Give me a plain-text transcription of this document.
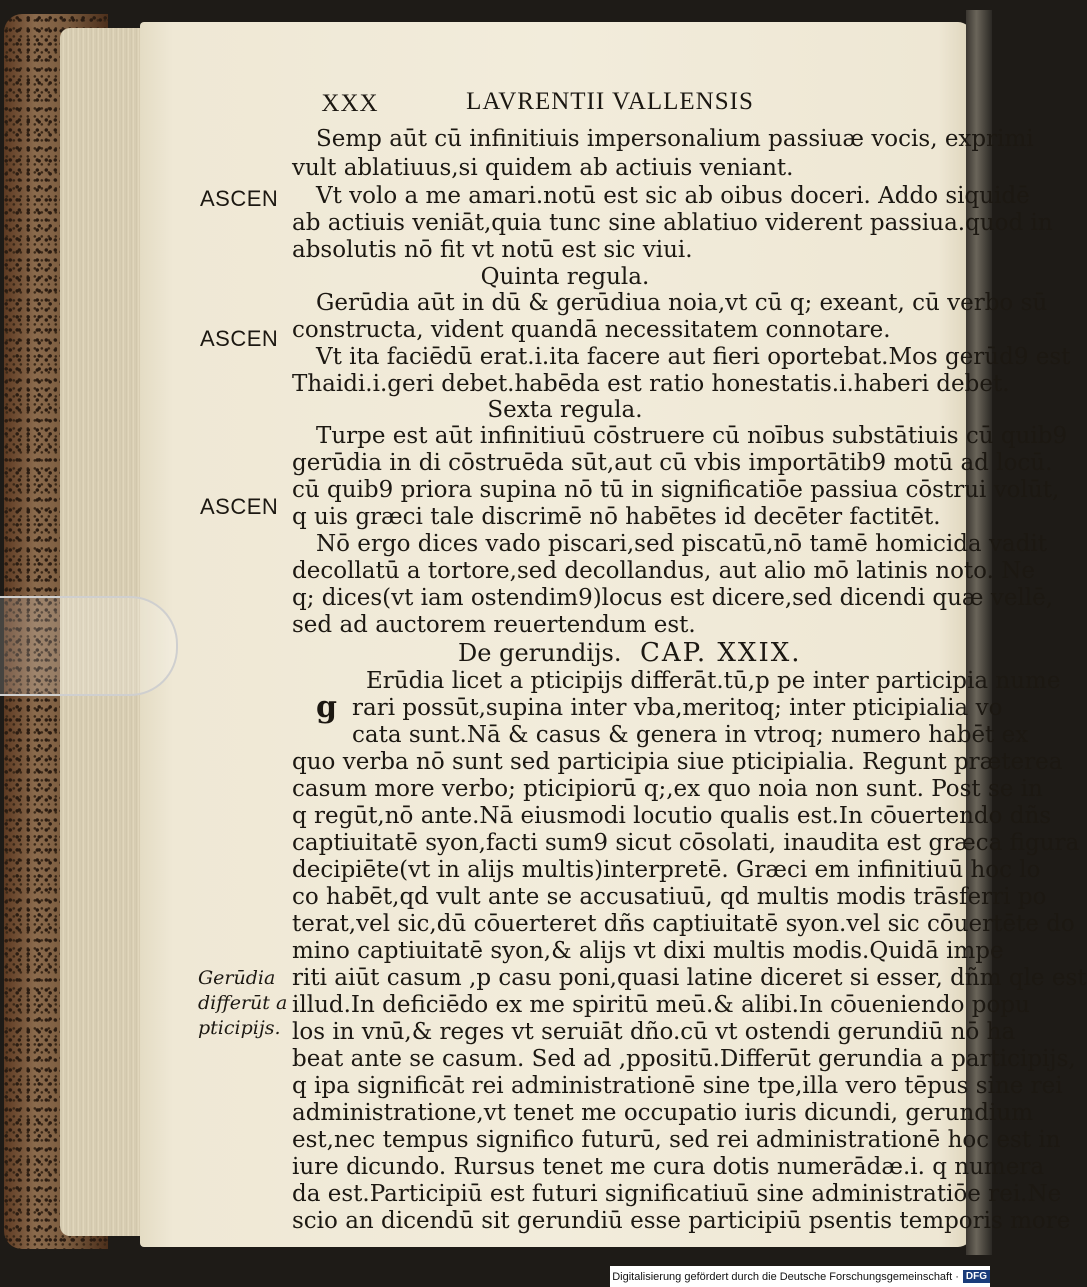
XXX	LAVRENTII VALLENSIS
Semp aūt cū infinitiuis impersonalium passiuæ vocis, exprimi
vult ablatiuus,si quidem ab actiuis veniant.
Vt volo a me amari.notū est sic ab oibus doceri. Addo siquidē
ab actiuis veniāt,quia tunc sine ablatiuo viderent passiua.quod in
absolutis nō fit vt notū est sic viui.
Quinta regula.
Gerūdia aūt in dū & gerūdiua noia,vt cū q; exeant, cū verbo sū
constructa, vident quandā necessitatem connotare.
Vt ita faciēdū erat.i.ita facere aut fieri oportebat.Mos gerūd9 est
Thaidi.i.geri debet.habēda est ratio honestatis.i.haberi debet.
Sexta regula.
Turpe est aūt infinitiuū cōstruere cū noībus substātiuis cū quib9
gerūdia in di cōstruēda sūt,aut cū vbis importātib9 motū ad locū.
cū quib9 priora supina nō tū in significatiōe passiua cōstrui volūt,
q uis græci tale discrimē nō habētes id decēter factitēt.
Nō ergo dices vado piscari,sed piscatū,nō tamē homicida vadit
decollatū a tortore,sed decollandus, aut alio mō latinis noto. Ne
q; dices(vt iam ostendim9)locus est dicere,sed dicendi quæ vellē,
sed ad auctorem reuertendum est.
De gerundijs. CAP. XXIX.
Erūdia licet a pticipijs differāt.tū,p pe inter participia nume
g rari possūt,supina inter vba,meritoq; inter pticipialia vo
cata sunt.Nā & casus & genera in vtroq; numero habēt ex
quo verba nō sunt sed participia siue pticipialia. Regunt præterea
casum more verbo; pticipiorū q;,ex quo noia non sunt. Post se in
q regūt,nō ante.Nā eiusmodi locutio qualis est.In cōuertendo dñs
captiuitatē syon,facti sum9 sicut cōsolati, inaudita est græca figura
decipiēte(vt in alijs multis)interpretē. Græci em infinitiuū hoc lo
co habēt,qd vult ante se accusatiuū, qd multis modis trāsferri po
terat,vel sic,dū cōuerteret dñs captiuitatē syon.vel sic cōuertēte do
mino captiuitatē syon,& alijs vt dixi multis modis.Quidā impe
riti aiūt casum ,p casu poni,quasi latine diceret si esser, dñm qle est
illud.In deficiēdo ex me spiritū meū.& alibi.In cōueniendo popu
los in vnū,& reges vt seruiāt dño.cū vt ostendi gerundiū nō ha
beat ante se casum. Sed ad ,ppositū.Differūt gerundia a participijs,
q ipa significāt rei administrationē sine tpe,illa vero tēpus sine rei
administratione,vt tenet me occupatio iuris dicundi, gerundium
est,nec tempus significo futurū, sed rei administrationē hoc est in
iure dicundo. Rursus tenet me cura dotis numerādæ.i. q numera
da est.Participiū est futuri significatiuū sine administratiōe rei.Ne
scio an dicendū sit gerundiū esse participiū psentis temporis more
ASCEN
ASCEN
ASCEN
Gerūdia
differūt a
pticipijs.
Digitalisierung gefördert durch die Deutsche Forschungsgemeinschaft · DFG
